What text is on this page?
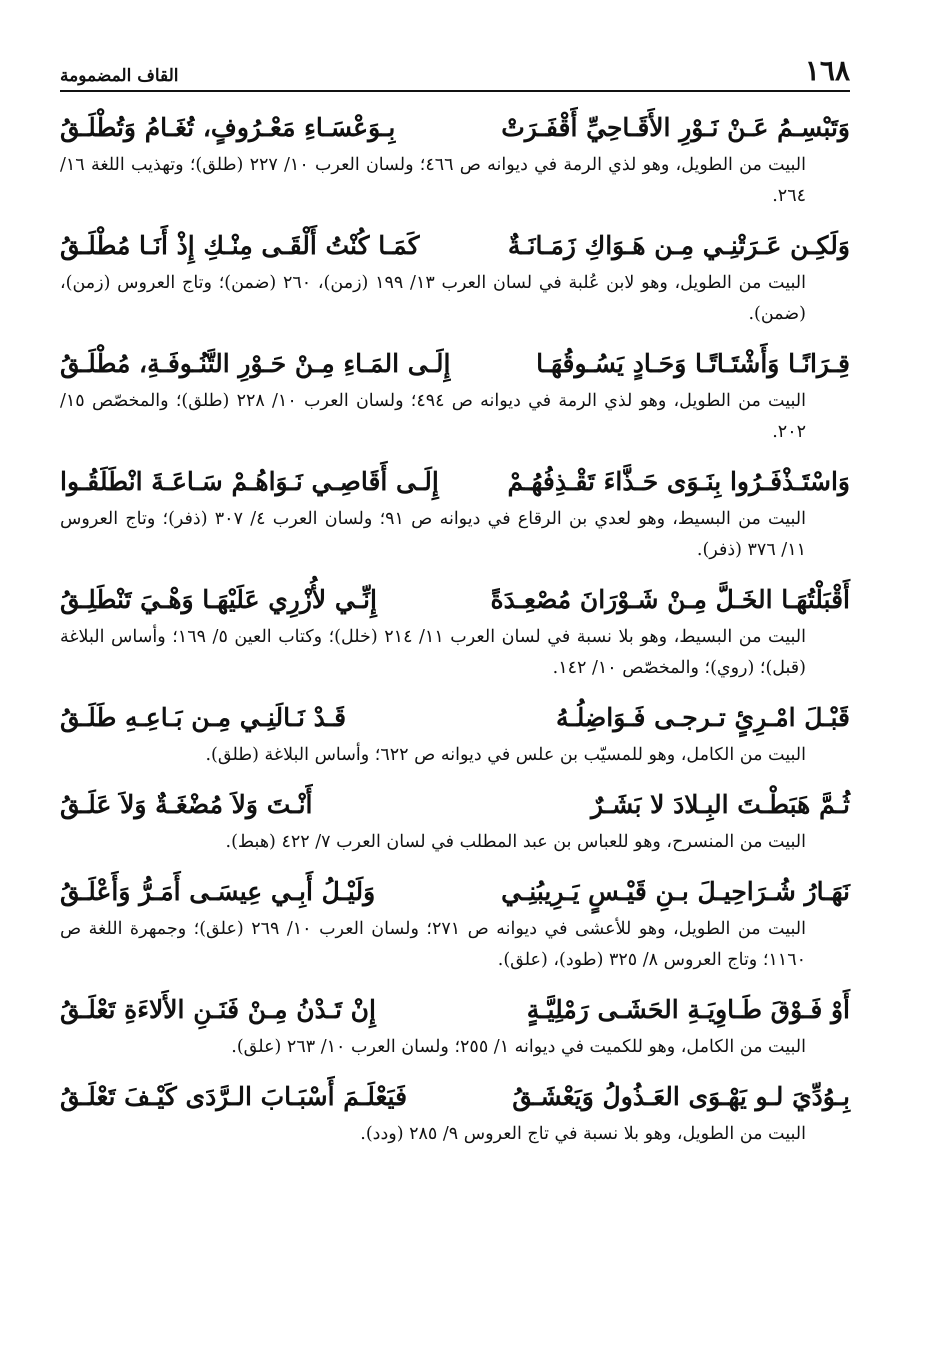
١٦٨
القاف المضمومة
وَتَبْسِـمُ عَـنْ نَـوْرِ الأَقَـاحِيِّ أَقْفَـرَتْ
بِـوَعْسَـاءِ مَعْـرُوفٍ، تُغَـامُ وَتُطْلَـقُ
البيت من الطويل، وهو لذي الرمة في ديوانه ص ٤٦٦؛ ولسان العرب ١٠/ ٢٢٧ (طلق)؛ وتهذيب اللغة ١٦/ ٢٦٤.
وَلَكِـن عَـرَتْنِـي مِـن هَـوَاكِ زَمَـانَـةٌ
كَمَـا كُنْتُ أَلْقَـى مِنْـكِ إِذْ أَنَـا مُطْلَـقُ
البيت من الطويل، وهو لابن عُلبة في لسان العرب ١٣/ ١٩٩ (زمن)، ٢٦٠ (ضمن)؛ وتاج العروس (زمن)، (ضمن).
قِـرَانًـا وَأَشْتَـاتًـا وَحَـادٍ يَسُـوقُهَـا
إِلَـى المَـاءِ مِـنْ حَـوْرِ التَّنُـوفَـةِ، مُطْلَـقُ
البيت من الطويل، وهو لذي الرمة في ديوانه ص ٤٩٤؛ ولسان العرب ١٠/ ٢٢٨ (طلق)؛ والمخصّص ١٥/ ٢٠٢.
وَاسْتَـذْفَـرُوا بِنَـوَى حَـذَّاءَ تَقْـذِفُهُـمْ
إِلَـى أَقَاصِـي نَـوَاهُـمْ سَـاعَـةَ انْطَلَقُـوا
البيت من البسيط، وهو لعدي بن الرقاع في ديوانه ص ٩١؛ ولسان العرب ٤/ ٣٠٧ (ذفر)؛ وتاج العروس ١١/ ٣٧٦ (ذفر).
أَقْبَلْتُهَـا الخَـلَّ مِـنْ شَـوْرَانَ مُصْعِـدَةً
إِنِّـي لأُزْرِي عَلَيْهَـا وَهْـيَ تَنْطَلِـقُ
البيت من البسيط، وهو بلا نسبة في لسان العرب ١١/ ٢١٤ (خلل)؛ وكتاب العين ٥/ ١٦٩؛ وأساس البلاغة (قبل)؛ (روي)؛ والمخصّص ١٠/ ١٤٢.
قَبْـلَ امْـرِئٍ تـرجـى فَـوَاضِلُـهُ
قَـدْ نَـالَنِـي مِـن بَـاعِـهِ طَلَـقُ
البيت من الكامل، وهو للمسيّب بن علس في ديوانه ص ٦٢٢؛ وأساس البلاغة (طلق).
ثُـمَّ هَبَطْـتَ البِـلادَ لا بَشَـرٌ
أَنْـتَ وَلاَ مُضْغَـةٌ وَلاَ عَلَـقُ
البيت من المنسرح، وهو للعباس بن عبد المطلب في لسان العرب ٧/ ٤٢٢ (هبط).
نَهَـارُ شُـرَاحِيـلَ بـنِ قَيْـسٍ يَـرِيبُنِـي
وَلَيْـلُ أَبِـي عِيسَـى أَمَـرُّ وَأَعْلَـقُ
البيت من الطويل، وهو للأعشى في ديوانه ص ٢٧١؛ ولسان العرب ١٠/ ٢٦٩ (علق)؛ وجمهرة اللغة ص ١١٦٠؛ وتاج العروس ٨/ ٣٢٥ (طود)، (علق).
أَوْ فَـوْقَ طَـاوِيَـةِ الحَشَـى رَمْلِيَّـةٍ
إِنْ تَـدْنُ مِـنْ فَنَـنِ الأَلاءَةِ تَعْلَـقُ
البيت من الكامل، وهو للكميت في ديوانه ١/ ٢٥٥؛ ولسان العرب ١٠/ ٢٦٣ (علق).
بِـوُدِّيَ لـو يَهْـوَى العَـذُولُ وَيَعْشَـقُ
فَيَعْلَـمَ أَسْبَـابَ الـرَّدَى كَيْـفَ تَعْلَـقُ
البيت من الطويل، وهو بلا نسبة في تاج العروس ٩/ ٢٨٥ (ودد).
